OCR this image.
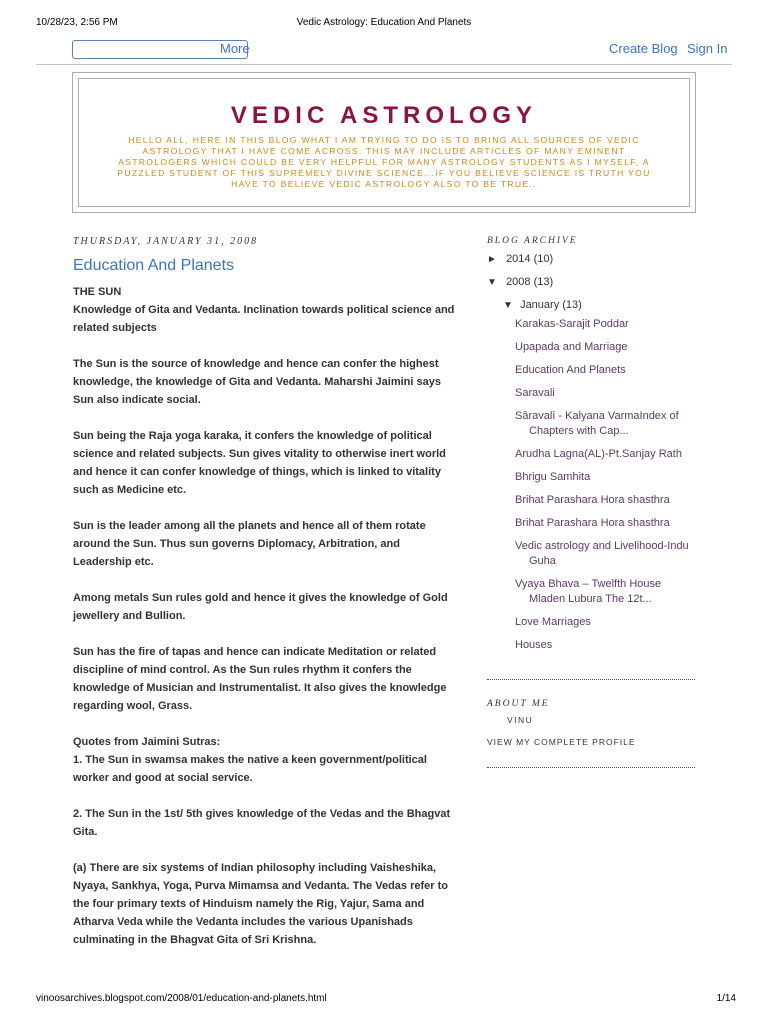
10/28/23, 2:56 PM	Vedic Astrology: Education And Planets
More	Create Blog Sign In
VEDIC ASTROLOGY
HELLO ALL, HERE IN THIS BLOG WHAT I AM TRYING TO DO IS TO BRING ALL SOURCES OF VEDIC ASTROLOGY THAT I HAVE COME ACROSS. THIS MAY INCLUDE ARTICLES OF MANY EMINENT ASTROLOGERS WHICH COULD BE VERY HELPFUL FOR MANY ASTROLOGY STUDENTS AS I MYSELF, A PUZZLED STUDENT OF THIS SUPREMELY DIVINE SCIENCE...IF YOU BELIEVE SCIENCE IS TRUTH YOU HAVE TO BELIEVE VEDIC ASTROLOGY ALSO TO BE TRUE..
THURSDAY, JANUARY 31, 2008
Education And Planets

THE SUN

Knowledge of Gita and Vedanta. Inclination towards political science and related subjects

The Sun is the source of knowledge and hence can confer the highest knowledge, the knowledge of Gita and Vedanta. Maharshi Jaimini says Sun also indicate social.

Sun being the Raja yoga karaka, it confers the knowledge of political science and related subjects. Sun gives vitality to otherwise inert world and hence it can confer knowledge of things, which is linked to vitality such as Medicine etc.

Sun is the leader among all the planets and hence all of them rotate around the Sun. Thus sun governs Diplomacy, Arbitration, and Leadership etc.

Among metals Sun rules gold and hence it gives the knowledge of Gold jewellery and Bullion.

Sun has the fire of tapas and hence can indicate Meditation or related discipline of mind control. As the Sun rules rhythm it confers the knowledge of Musician and Instrumentalist. It also gives the knowledge regarding wool, Grass.

Quotes from Jaimini Sutras:
1. The Sun in swamsa makes the native a keen government/political worker and good at social service.

2. The Sun in the 1st/ 5th gives knowledge of the Vedas and the Bhagvat Gita.

(a) There are six systems of Indian philosophy including Vaisheshika, Nyaya, Sankhya, Yoga, Purva Mimamsa and Vedanta. The Vedas refer to the four primary texts of Hinduism namely the Rig, Yajur, Sama and Atharva Veda while the Vedanta includes the various Upanishads culminating in the Bhagvat Gita of Sri Krishna.

BLOG ARCHIVE
► 2014 (10)
▼ 2008 (13)
▼ January (13)
Karakas-Sarajit Poddar
Upapada and Marriage
Education And Planets
Saravali
Sâravalī - Kalyana VarmaIndex of Chapters with Cap...
Arudha Lagna(AL)-Pt.Sanjay Rath
Bhrigu Samhita
Brihat Parashara Hora shasthra
Brihat Parashara Hora shasthra
Vedic astrology and Livelihood-Indu Guha
Vyaya Bhava – Twelfth House Mladen Lubura The 12t...
Love Marriages
Houses
ABOUT ME
VINU
VIEW MY COMPLETE PROFILE
vinoosarchives.blogspot.com/2008/01/education-and-planets.html	1/14
